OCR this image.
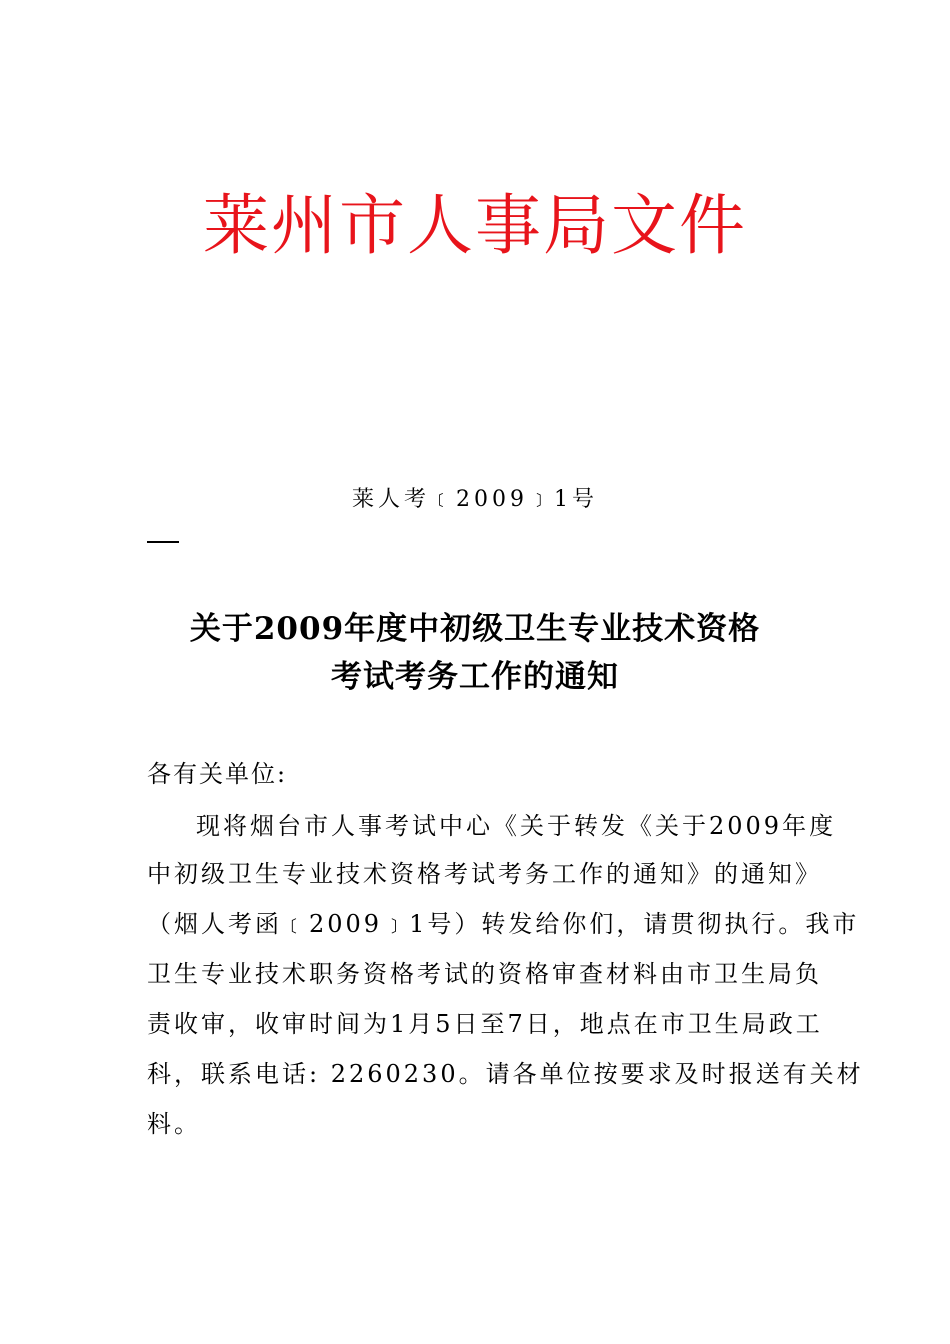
莱州市人事局文件
莱人考﹝2009﹞1号
关于2009年度中初级卫生专业技术资格
考试考务工作的通知
各有关单位:
现将烟台市人事考试中心《关于转发《关于2009年度
中初级卫生专业技术资格考试考务工作的通知》的通知》
（烟人考函﹝2009﹞1号）转发给你们，请贯彻执行。我市
卫生专业技术职务资格考试的资格审查材料由市卫生局负
责收审，收审时间为1月5日至7日，地点在市卫生局政工
科，联系电话: 2260230。请各单位按要求及时报送有关材
料。
